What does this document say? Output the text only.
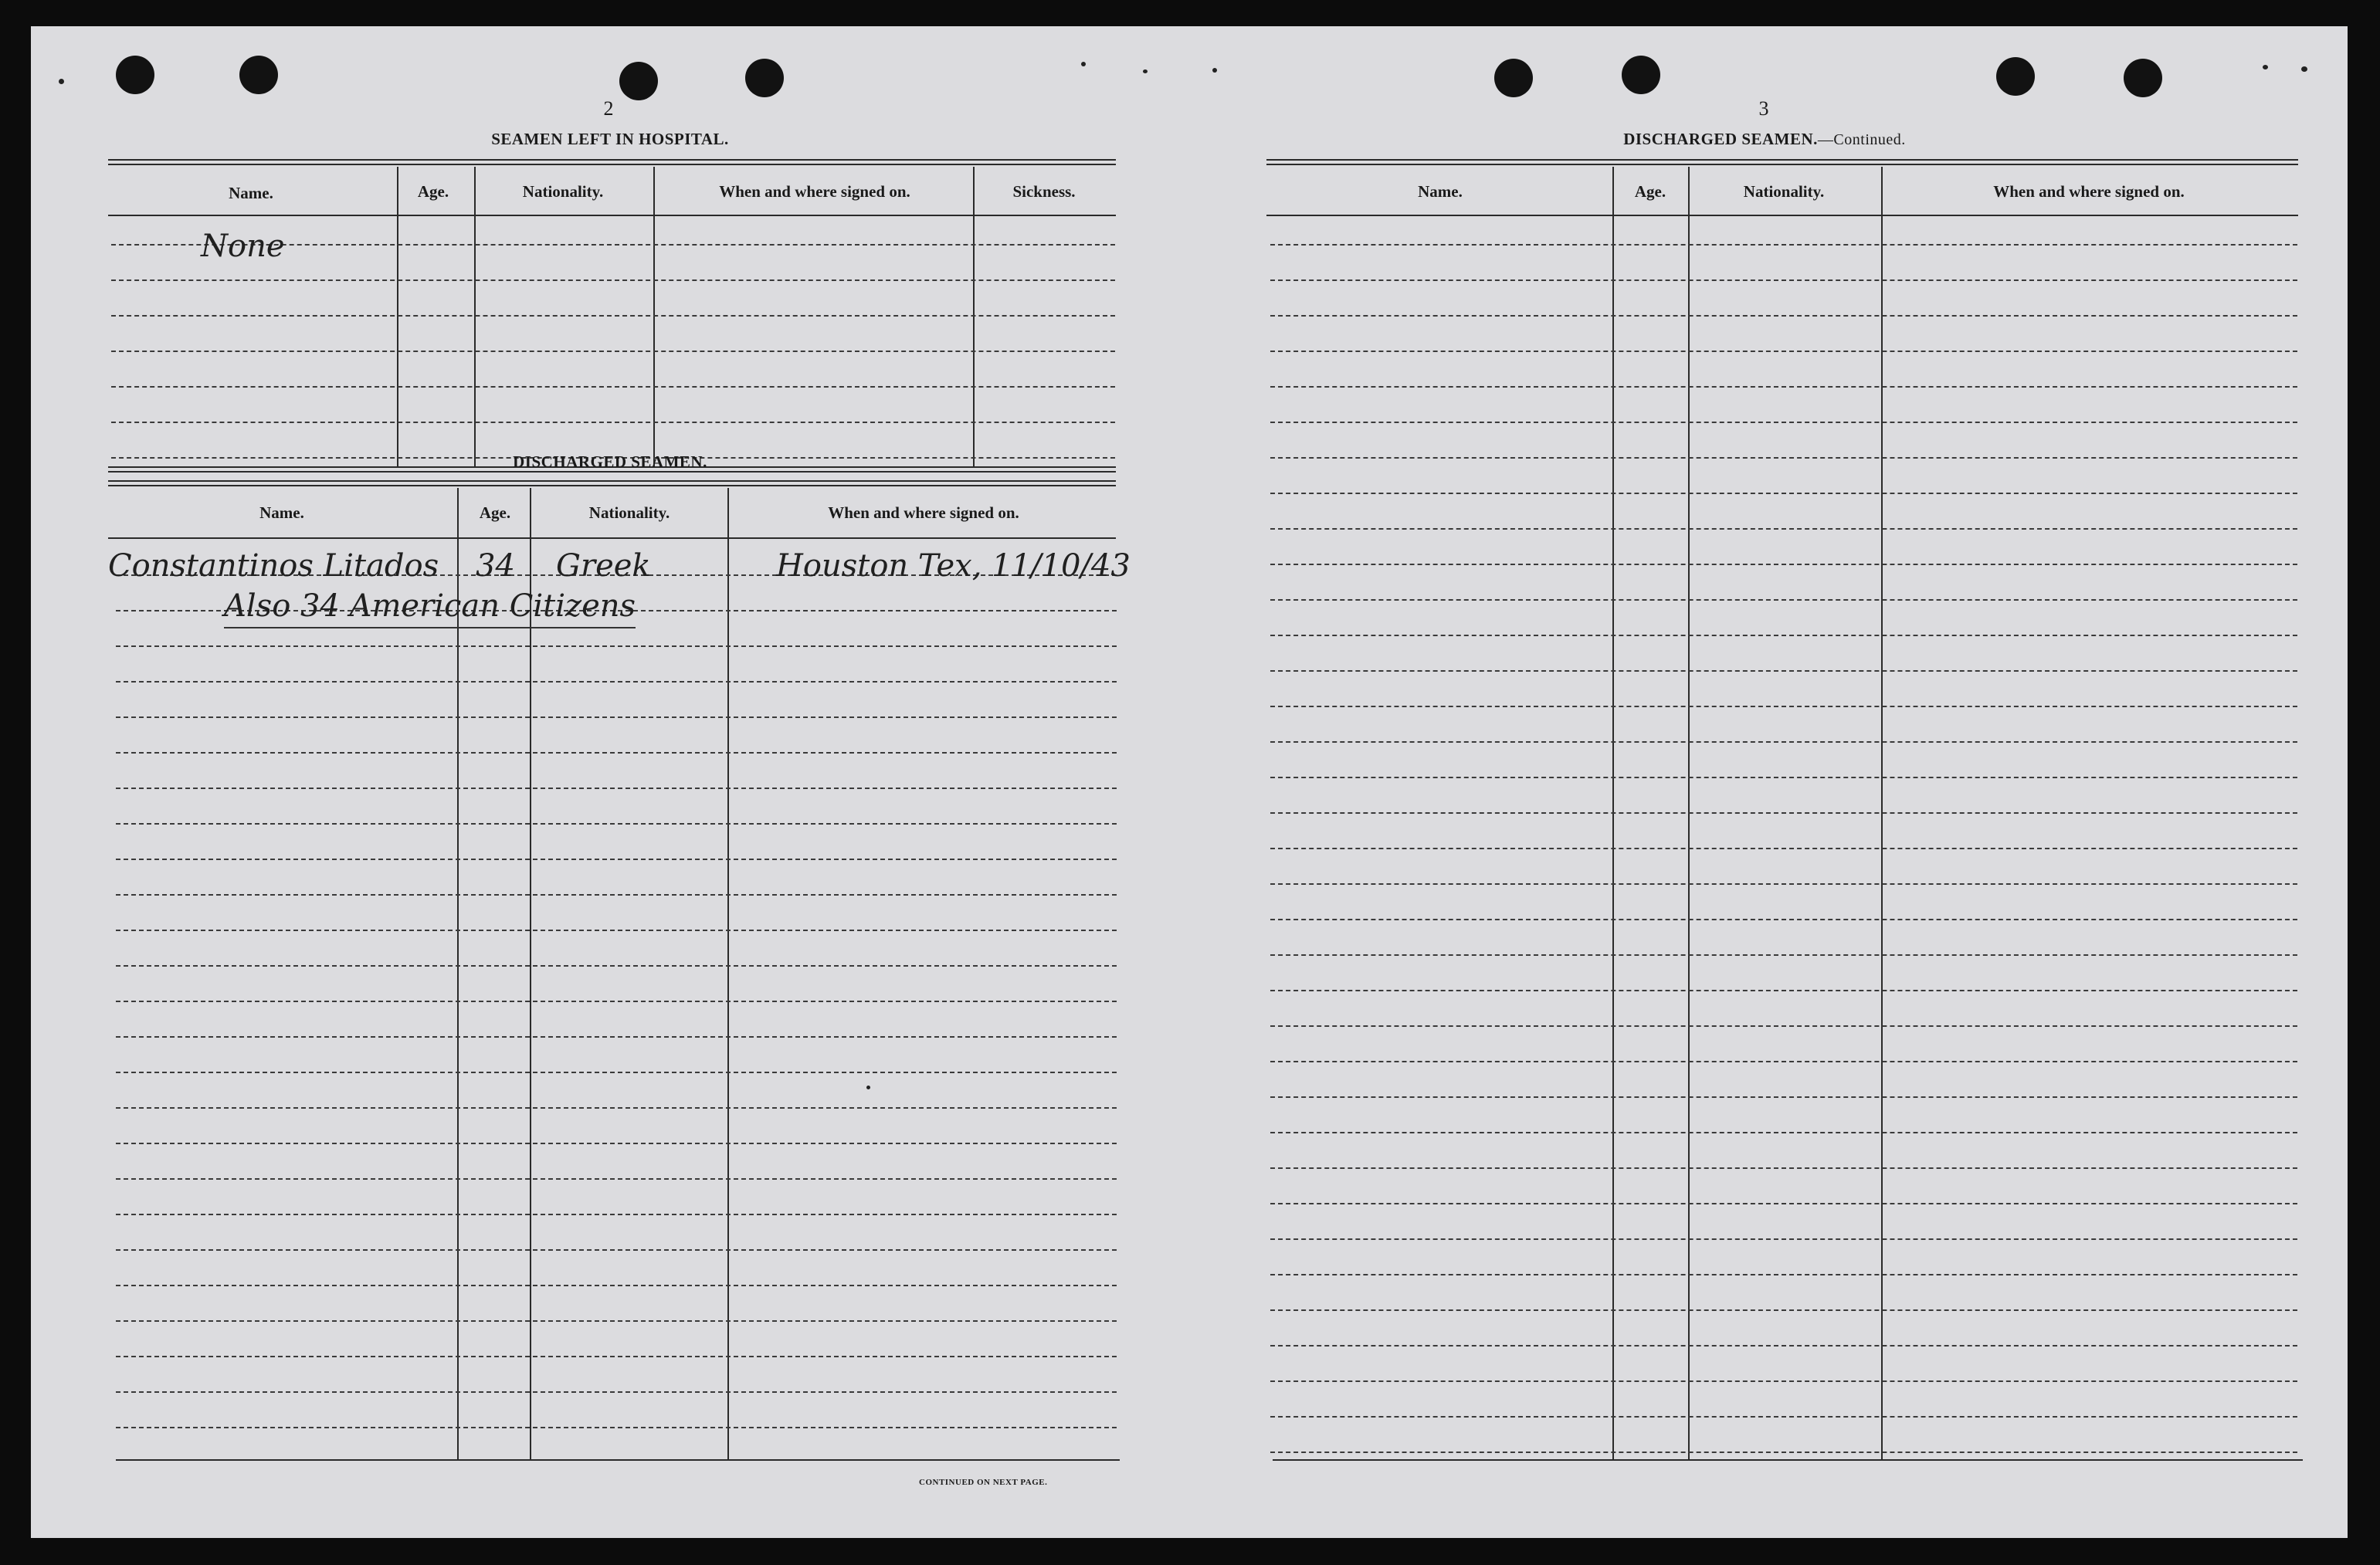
2
SEAMEN LEFT IN HOSPITAL.
Name.	Age.	Nationality.	When and where signed on.	Sickness.
None
DISCHARGED SEAMEN.
Name.	Age.	Nationality.	When and where signed on.
Constantinos Litados 34 Greek	Houston Tex, 11/10/43
Also 34 American Citizens
CONTINUED ON NEXT PAGE.
3
DISCHARGED SEAMEN.—Continued.
Name.	Age.	Nationality.	When and where signed on.
